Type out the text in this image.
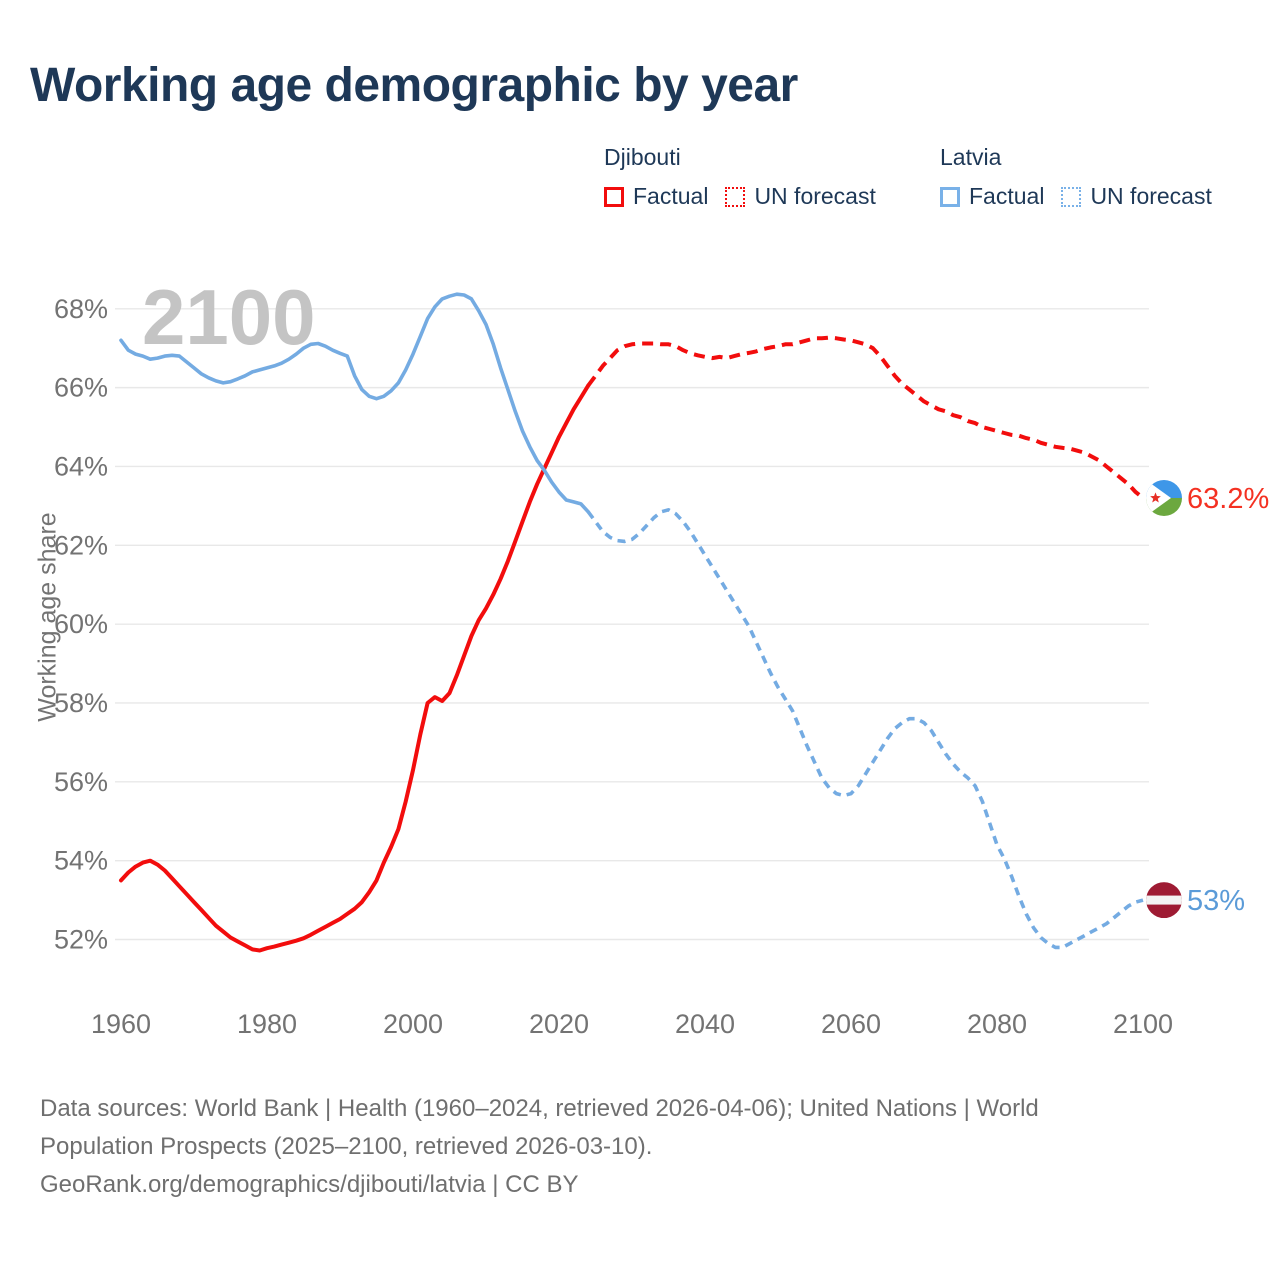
2100
68%
66%
64%
62%
60%
58%
56%
54%
52%
1960	1980	2000	2020	2040	2060	2080	2100
63.2%
53%
Working age demographic by year
Djibouti
Factual UN forecast
Latvia
Factual UN forecast
Working age share
Data sources: World Bank | Health (1960–2024, retrieved 2026-04-06); United Nations | World
Population Prospects (2025–2100, retrieved 2026-03-10).
GeoRank.org/demographics/djibouti/latvia | CC BY
